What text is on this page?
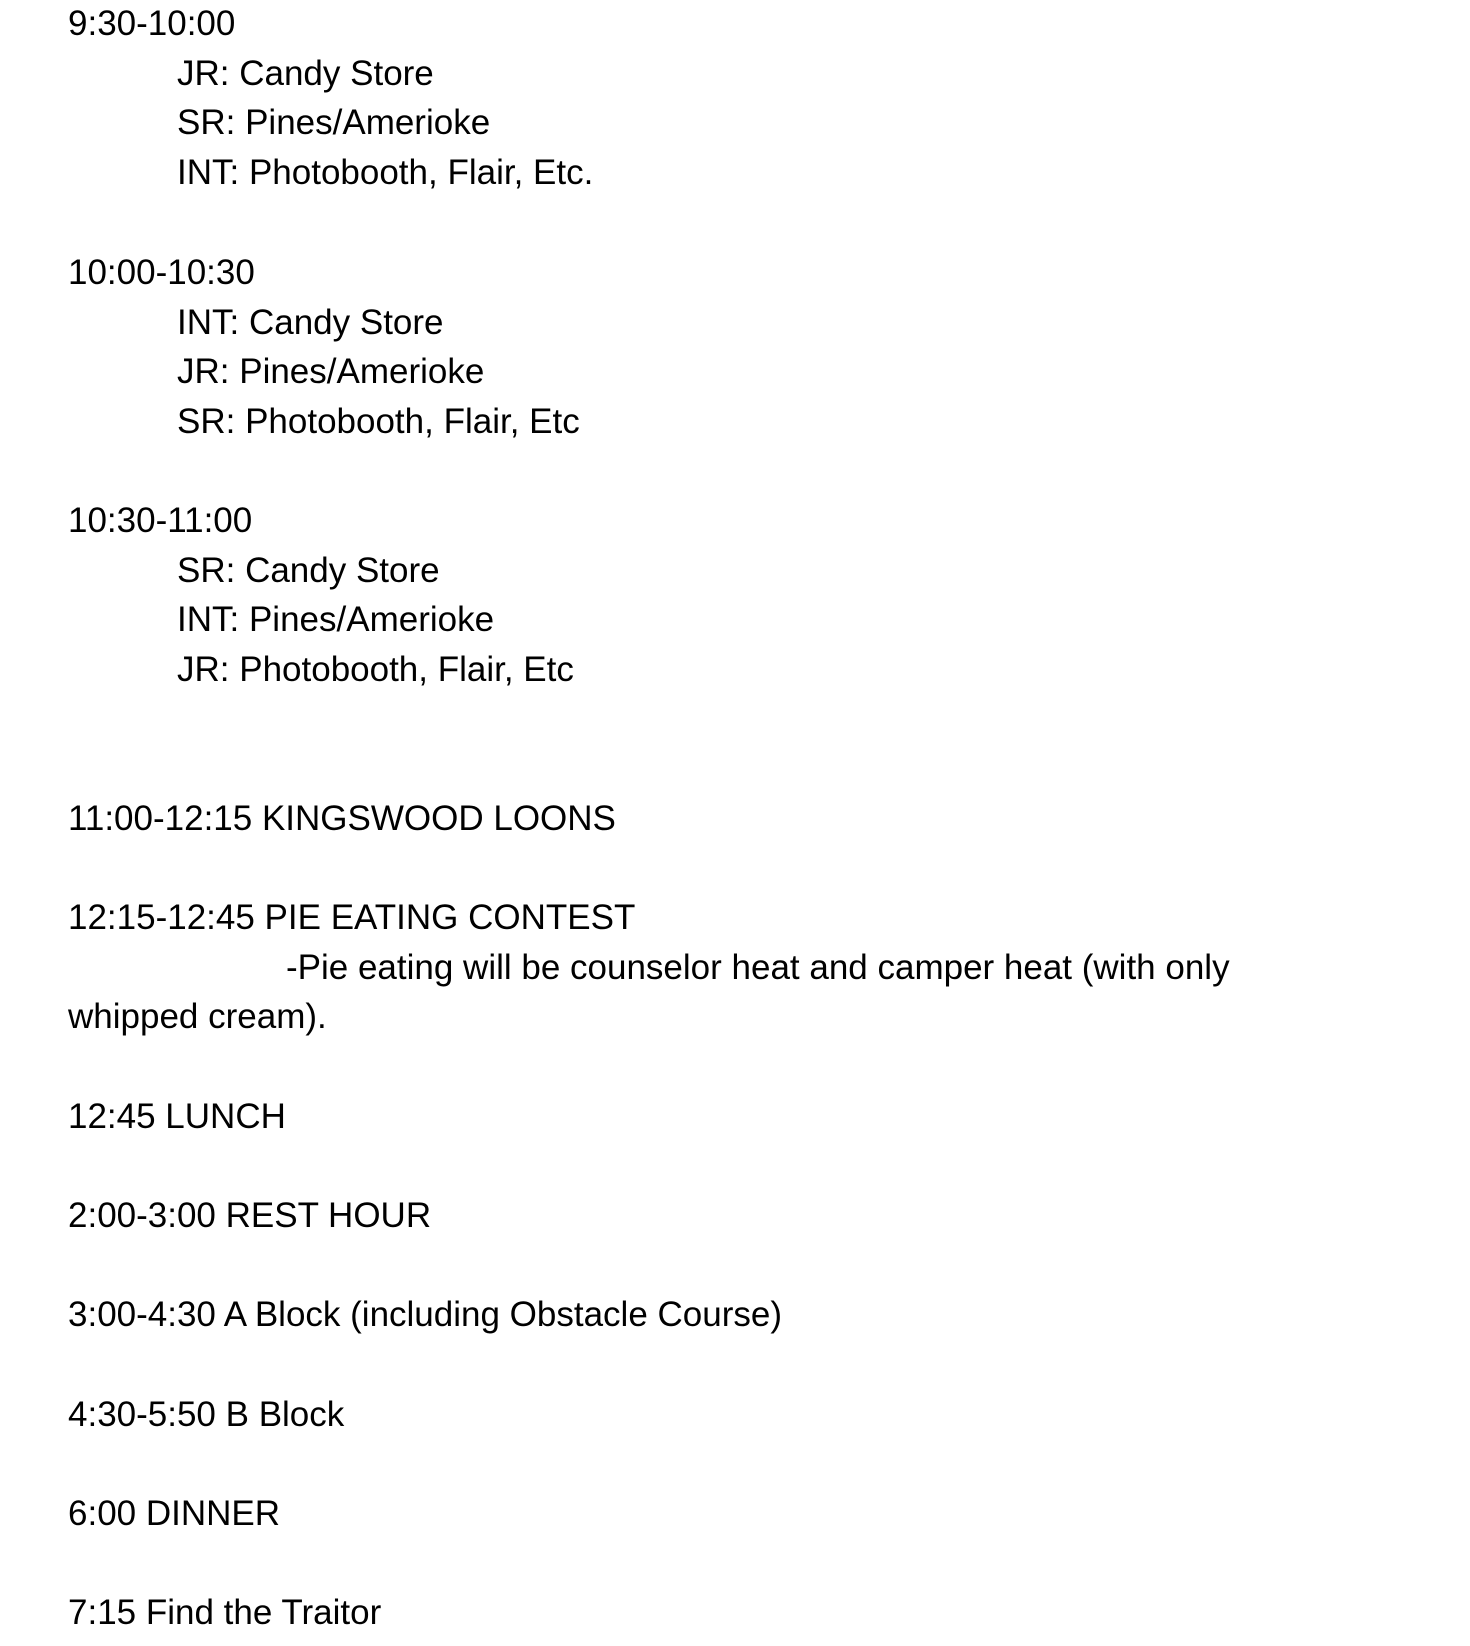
9:30-10:00

JR: Candy Store

SR: Pines/Amerioke

INT: Photobooth, Flair, Etc.

10:00-10:30

INT: Candy Store

JR: Pines/Amerioke

SR: Photobooth, Flair, Etc

10:30-11:00

SR: Candy Store

INT: Pines/Amerioke

JR: Photobooth, Flair, Etc

11:00-12:15 KINGSWOOD LOONS

12:15-12:45 PIE EATING CONTEST

-Pie eating will be counselor heat and camper heat (with only

whipped cream).

12:45 LUNCH

2:00-3:00 REST HOUR

3:00-4:30 A Block (including Obstacle Course)

4:30-5:50 B Block

6:00 DINNER

7:15 Find the Traitor
